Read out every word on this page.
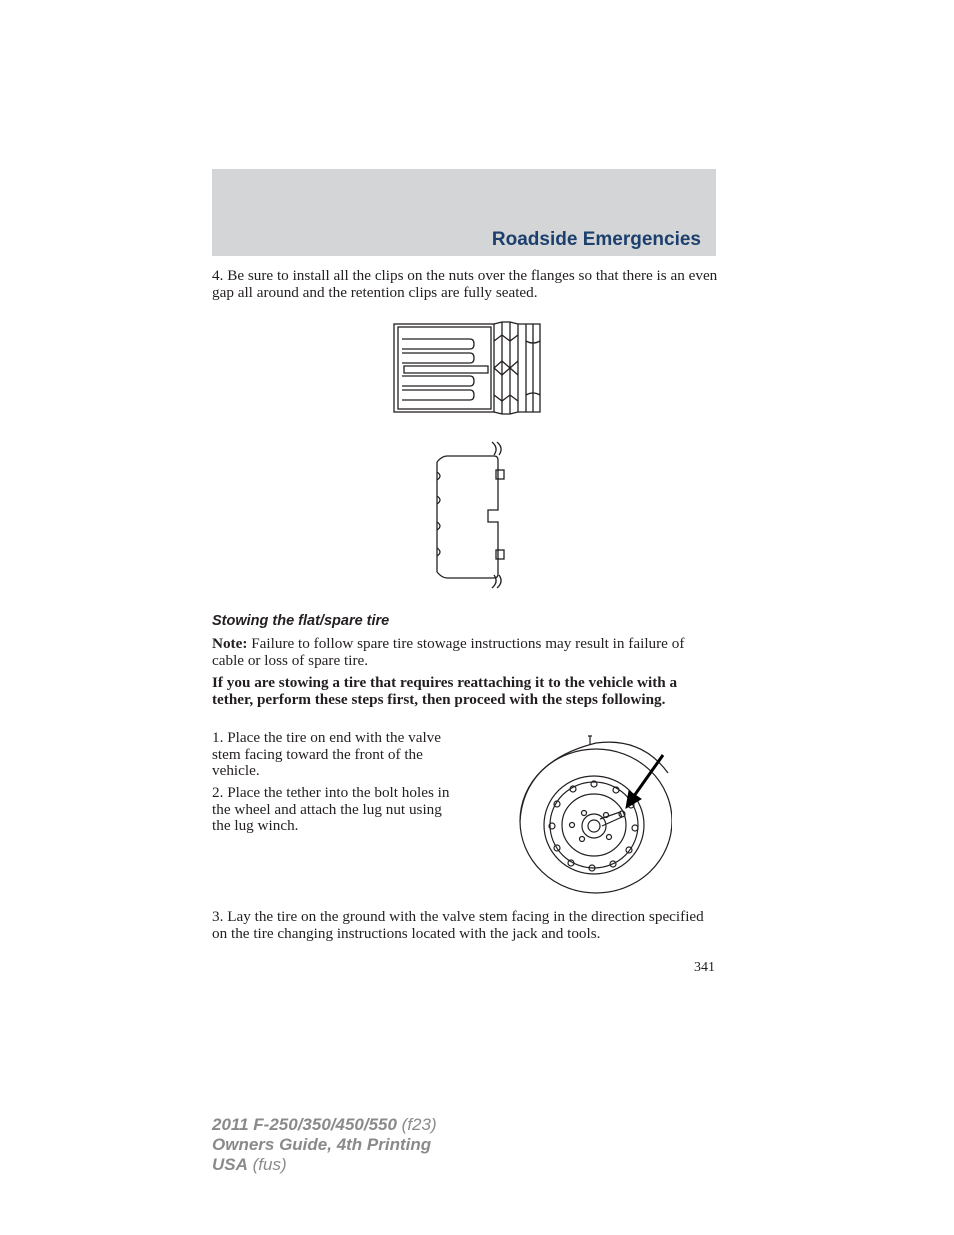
Roadside Emergencies

4. Be sure to install all the clips on the nuts over the flanges so that there is an even gap all around and the retention clips are fully seated.

Stowing the flat/spare tire

Note: Failure to follow spare tire stowage instructions may result in failure of cable or loss of spare tire.

If you are stowing a tire that requires reattaching it to the vehicle with a tether, perform these steps first, then proceed with the steps following.

1. Place the tire on end with the valve stem facing toward the front of the vehicle.

2. Place the tether into the bolt holes in the wheel and attach the lug nut using the lug winch.

3. Lay the tire on the ground with the valve stem facing in the direction specified on the tire changing instructions located with the jack and tools.

341

2011 F-250/350/450/550 (f23)
Owners Guide, 4th Printing
USA (fus)
